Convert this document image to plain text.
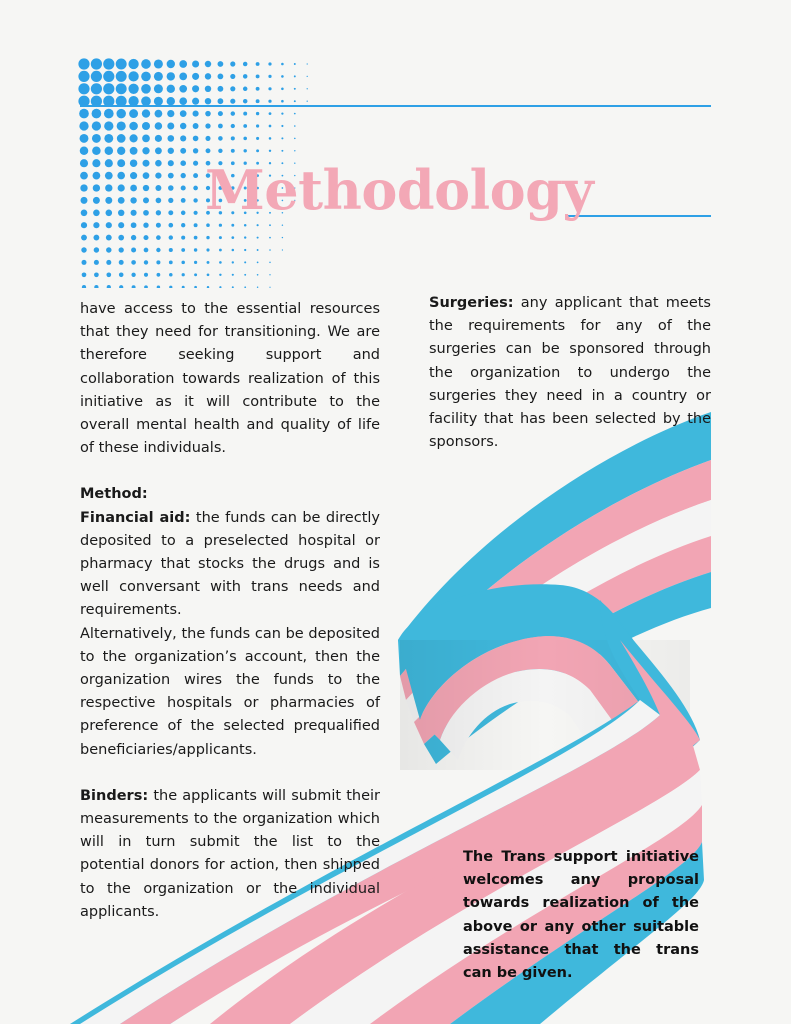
Methodology

have access to the essential resources that they need for transitioning. We are therefore seeking support and collaboration towards realization of this initiative as it will contribute to the overall mental health and quality of life of these individuals.

Method:

Financial aid: the funds can be directly deposited to a preselected hospital or pharmacy that stocks the drugs and is well conversant with trans needs and requirements.

Alternatively, the funds can be deposited to the organization’s account, then the organization wires the funds to the respective hospitals or pharmacies of preference of the selected prequalified beneficiaries/applicants.

Binders: the applicants will submit their measurements to the organization which will in turn submit the list to the potential donors for action, then shipped to the organization or the individual applicants.

Surgeries: any applicant that meets the requirements for any of the surgeries can be sponsored through the organization to undergo the surgeries they need in a country or facility that has been selected by the sponsors.

The Trans support initiative welcomes any proposal towards realization of the above or any other suitable assistance that the trans can be given.
